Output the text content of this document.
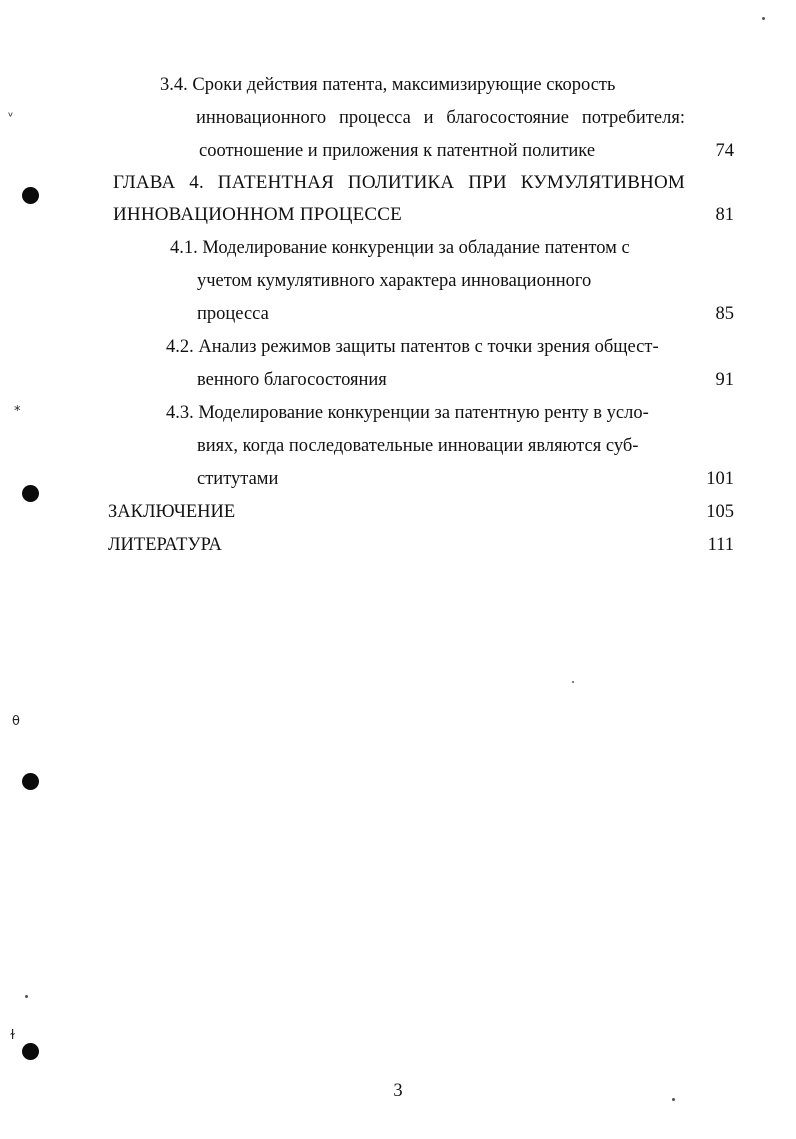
ᵛ
*
θ
ɫ
3.4. Сроки действия патента, максимизирующие скорость
инновационного процесса и благосостояние потребителя:
соотношение и приложения к патентной политике	74
ГЛАВА 4. ПАТЕНТНАЯ ПОЛИТИКА ПРИ КУМУЛЯТИВНОМ
ИННОВАЦИОННОМ ПРОЦЕССЕ	81
4.1. Моделирование конкуренции за обладание патентом с
учетом кумулятивного характера инновационного
процесса	85
4.2. Анализ режимов защиты патентов с точки зрения общест-
венного благосостояния	91
4.3. Моделирование конкуренции за патентную ренту в усло-
виях, когда последовательные инновации являются суб-
ститутами	101
ЗАКЛЮЧЕНИЕ	105
ЛИТЕРАТУРА	111
3
